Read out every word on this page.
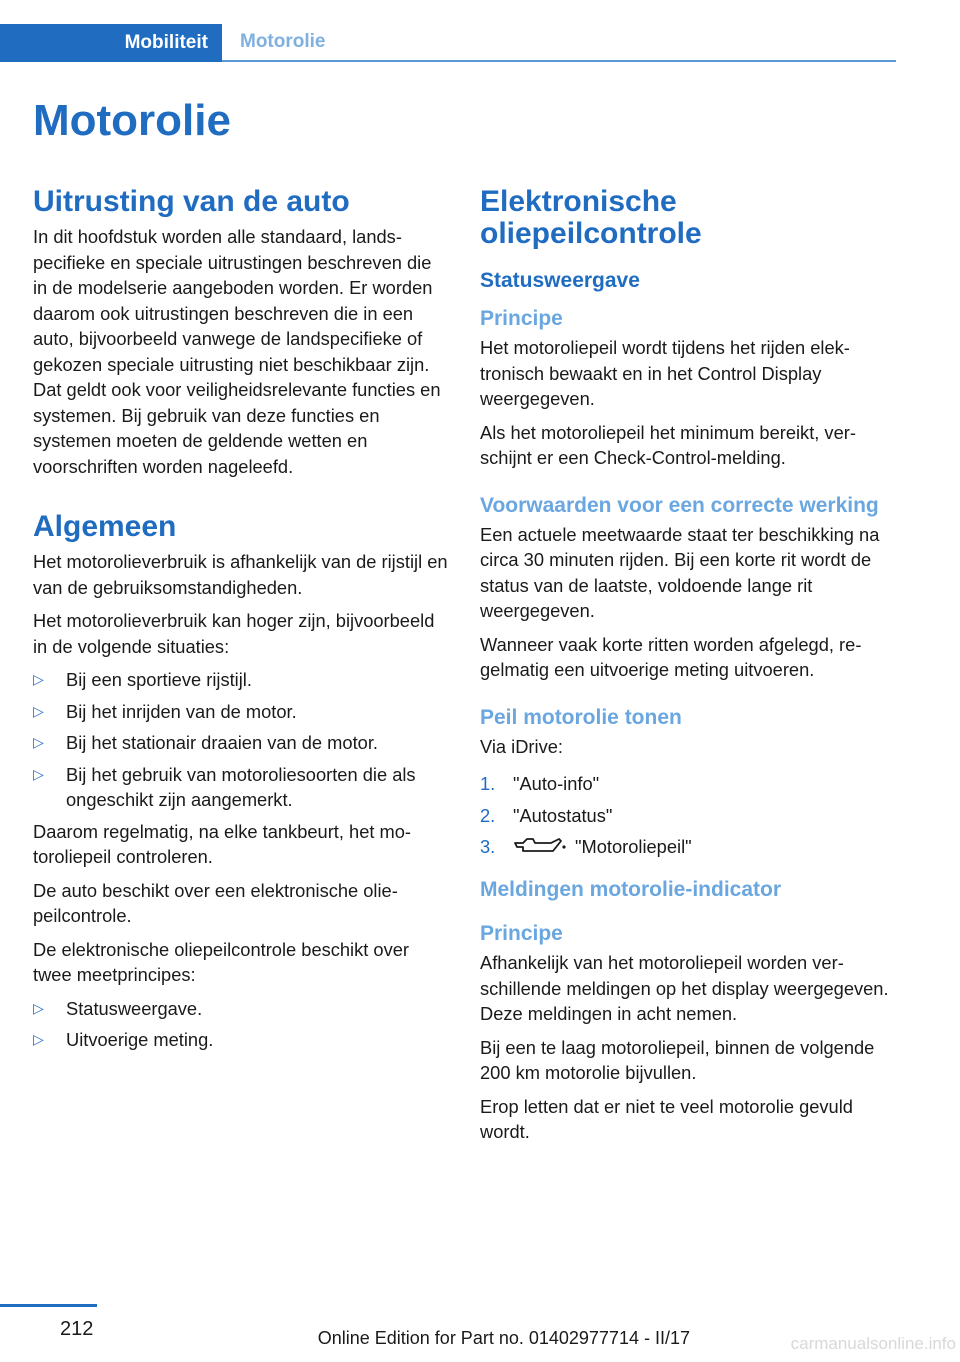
Mobiliteit	Motorolie
Motorolie
Uitrusting van de auto

In dit hoofdstuk worden alle standaard, landspecifieke en speciale uitrustingen beschreven die in de modelserie aangeboden worden. Er worden daarom ook uitrustingen beschreven die in een auto, bijvoorbeeld vanwege de landspecifieke of gekozen speciale uitrusting niet beschikbaar zijn. Dat geldt ook voor veiligheidsrelevante functies en systemen. Bij gebruik van deze functies en systemen moeten de geldende wetten en voorschriften worden nageleefd.

Algemeen

Het motorolieverbruik is afhankelijk van de rijstijl en van de gebruiksomstandigheden.

Het motorolieverbruik kan hoger zijn, bijvoorbeeld in de volgende situaties:

▷ Bij een sportieve rijstijl.
▷ Bij het inrijden van de motor.
▷ Bij het stationair draaien van de motor.
▷ Bij het gebruik van motoroliesoorten die als ongeschikt zijn aangemerkt.

Daarom regelmatig, na elke tankbeurt, het motoroliepeil controleren.

De auto beschikt over een elektronische oliepeilcontrole.

De elektronische oliepeilcontrole beschikt over twee meetprincipes:

▷ Statusweergave.
▷ Uitvoerige meting.
Elektronische oliepeilcontrole
Statusweergave
Principe

Het motoroliepeil wordt tijdens het rijden elektronisch bewaakt en in het Control Display weergegeven.

Als het motoroliepeil het minimum bereikt, verschijnt er een Check-Control-melding.

Voorwaarden voor een correcte werking

Een actuele meetwaarde staat ter beschikking na circa 30 minuten rijden. Bij een korte rit wordt de status van de laatste, voldoende lange rit weergegeven.

Wanneer vaak korte ritten worden afgelegd, regelmatig een uitvoerige meting uitvoeren.

Peil motorolie tonen

Via iDrive:

1. "Auto-info"
2. "Autostatus"
3.	"Motoroliepeil"
Meldingen motorolie-indicator
Principe

Afhankelijk van het motoroliepeil worden verschillende meldingen op het display weergegeven. Deze meldingen in acht nemen.

Bij een te laag motoroliepeil, binnen de volgende 200 km motorolie bijvullen.

Erop letten dat er niet te veel motorolie gevuld wordt.

212	Online Edition for Part no. 01402977714 - II/17	carmanualsonline.info
